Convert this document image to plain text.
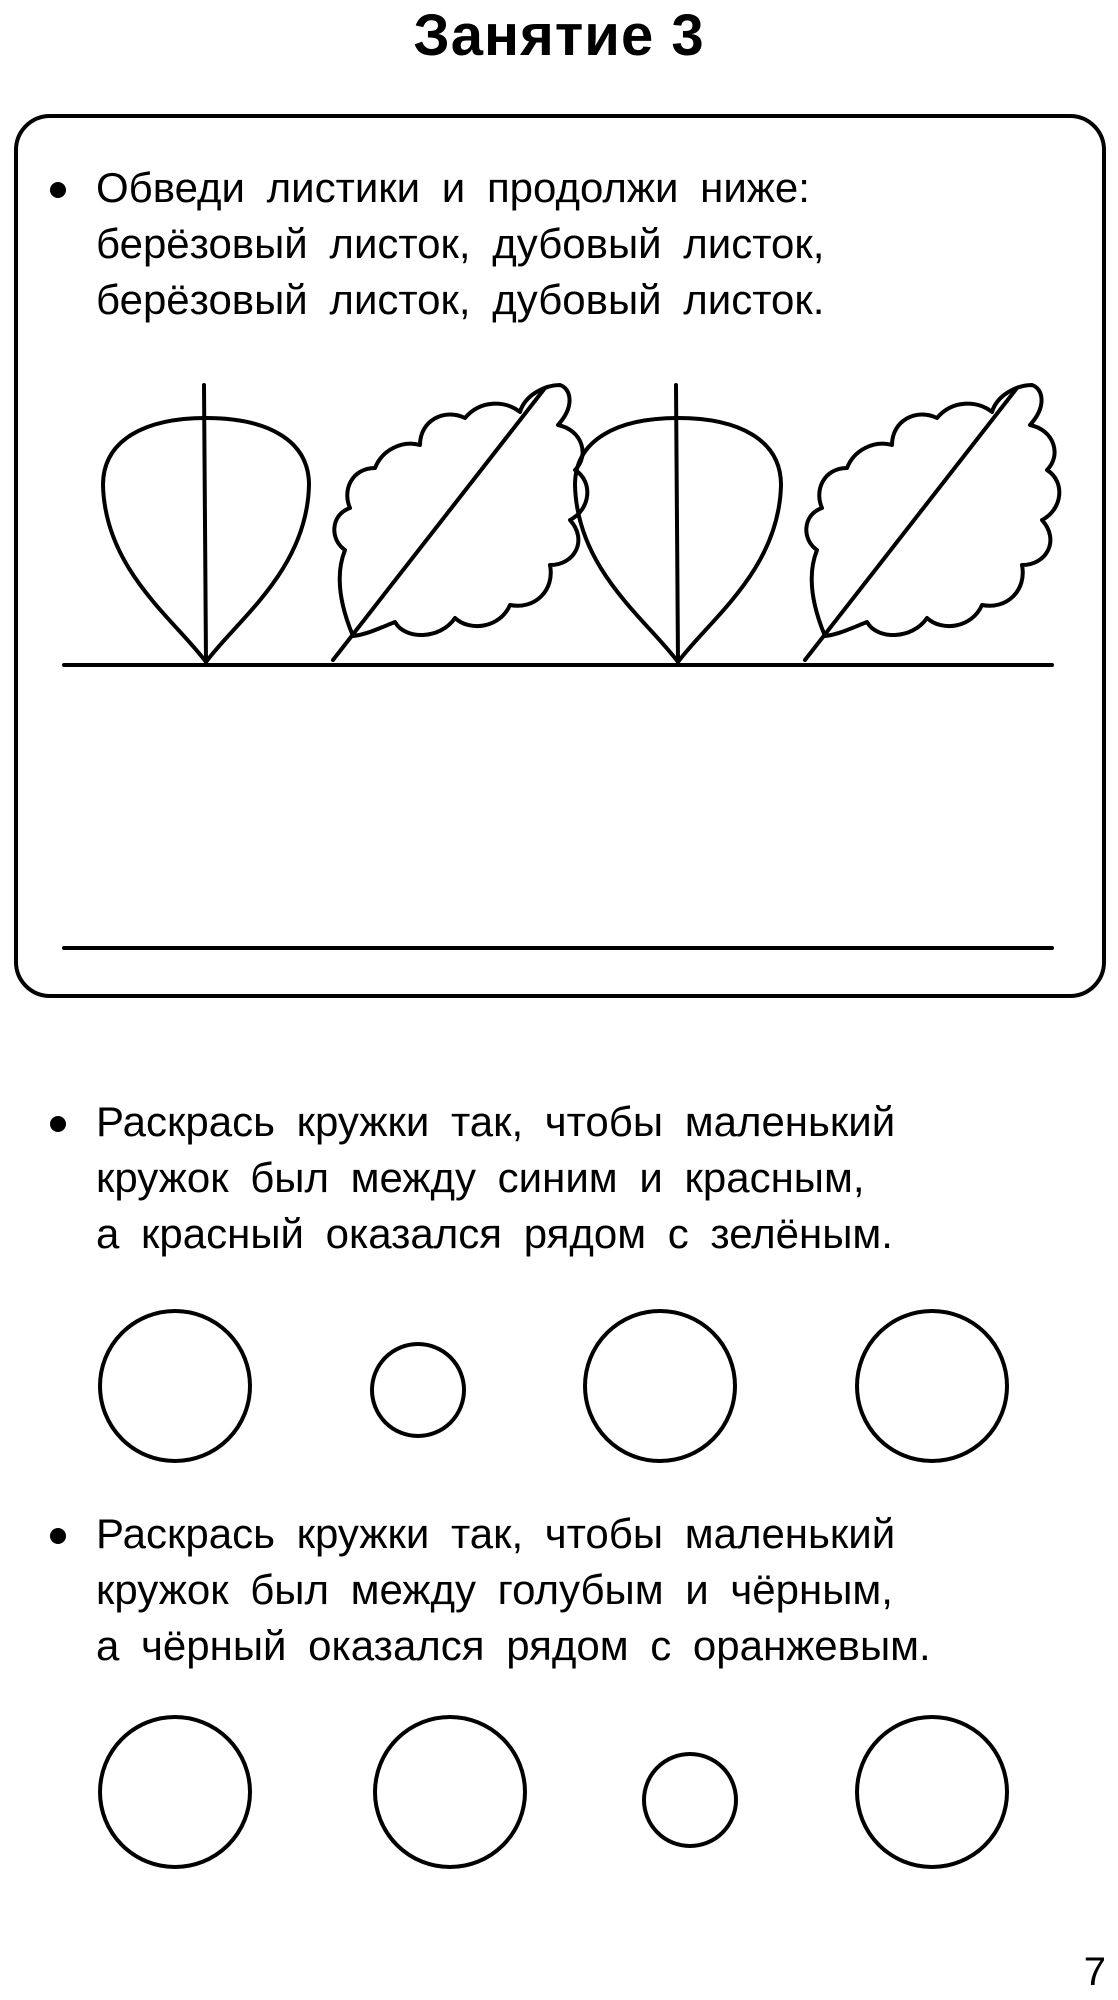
Занятие 3
Обведи листики и продолжи ниже:
берёзовый листок, дубовый листок,
берёзовый листок, дубовый листок.
Раскрась кружки так, чтобы маленький
кружок был между синим и красным,
а красный оказался рядом с зелёным.
Раскрась кружки так, чтобы маленький
кружок был между голубым и чёрным,
а чёрный оказался рядом с оранжевым.
7
